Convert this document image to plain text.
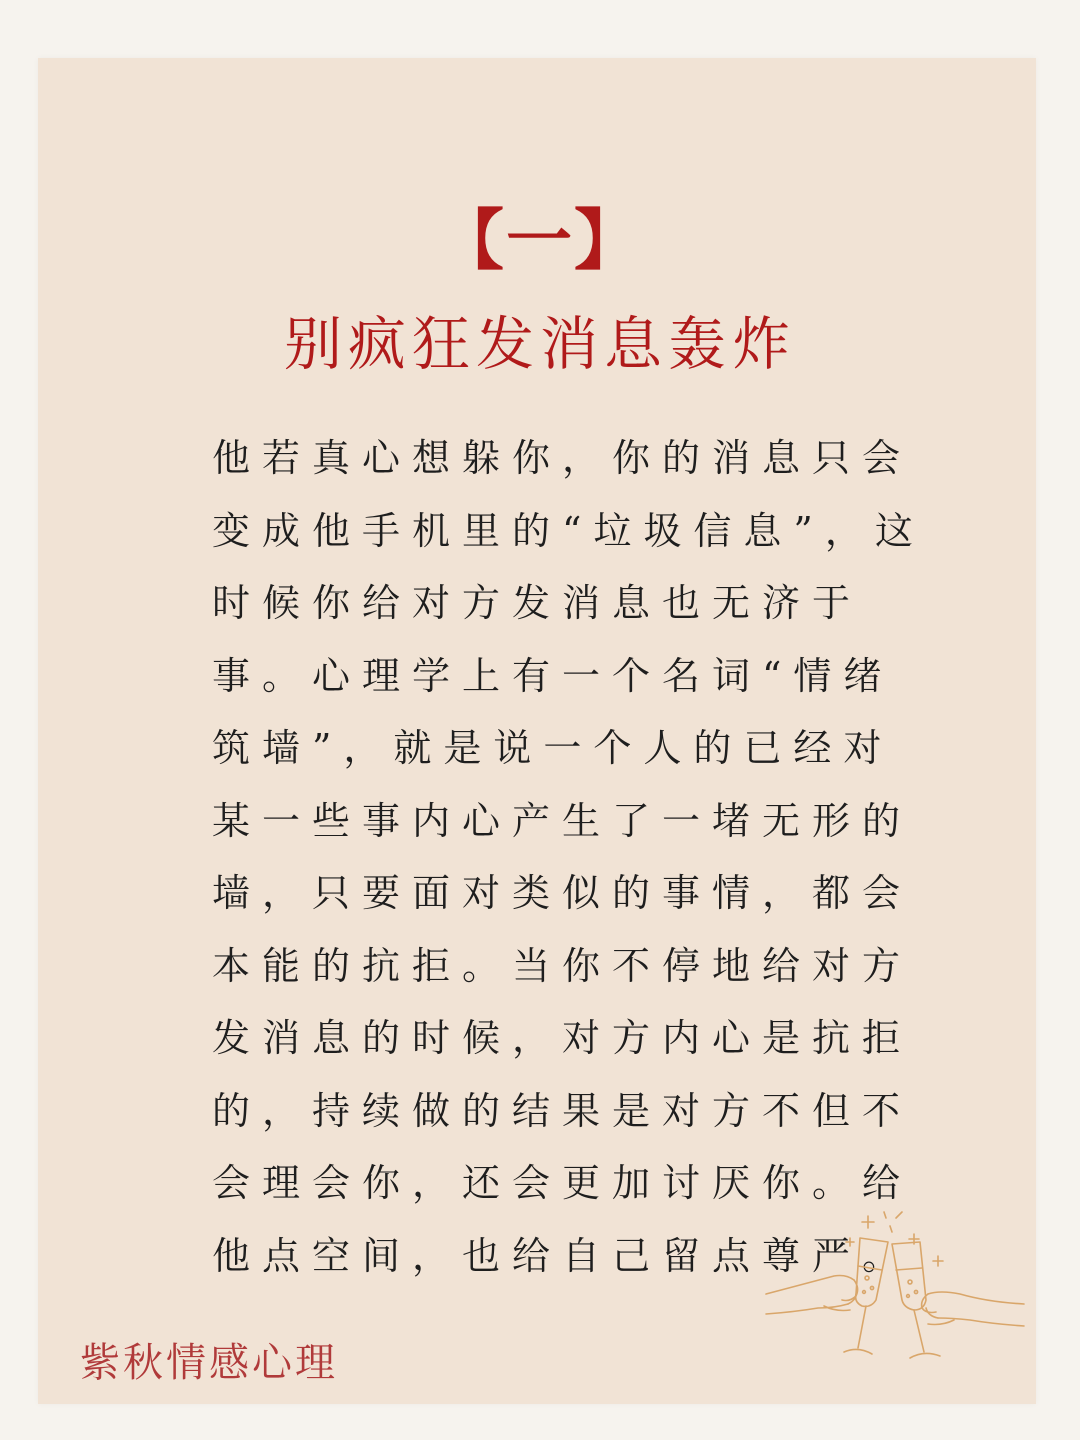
【一】
别疯狂发消息轰炸
他若真心想躲你，你的消息只会变成他手机里的“垃圾信息”，这时候你给对方发消息也无济于事。心理学上有一个名词“情绪筑墙”，就是说一个人的已经对某一些事内心产生了一堵无形的墙，只要面对类似的事情，都会本能的抗拒。当你不停地给对方发消息的时候，对方内心是抗拒的，持续做的结果是对方不但不会理会你，还会更加讨厌你。给他点空间，也给自己留点尊严。
紫秋情感心理
